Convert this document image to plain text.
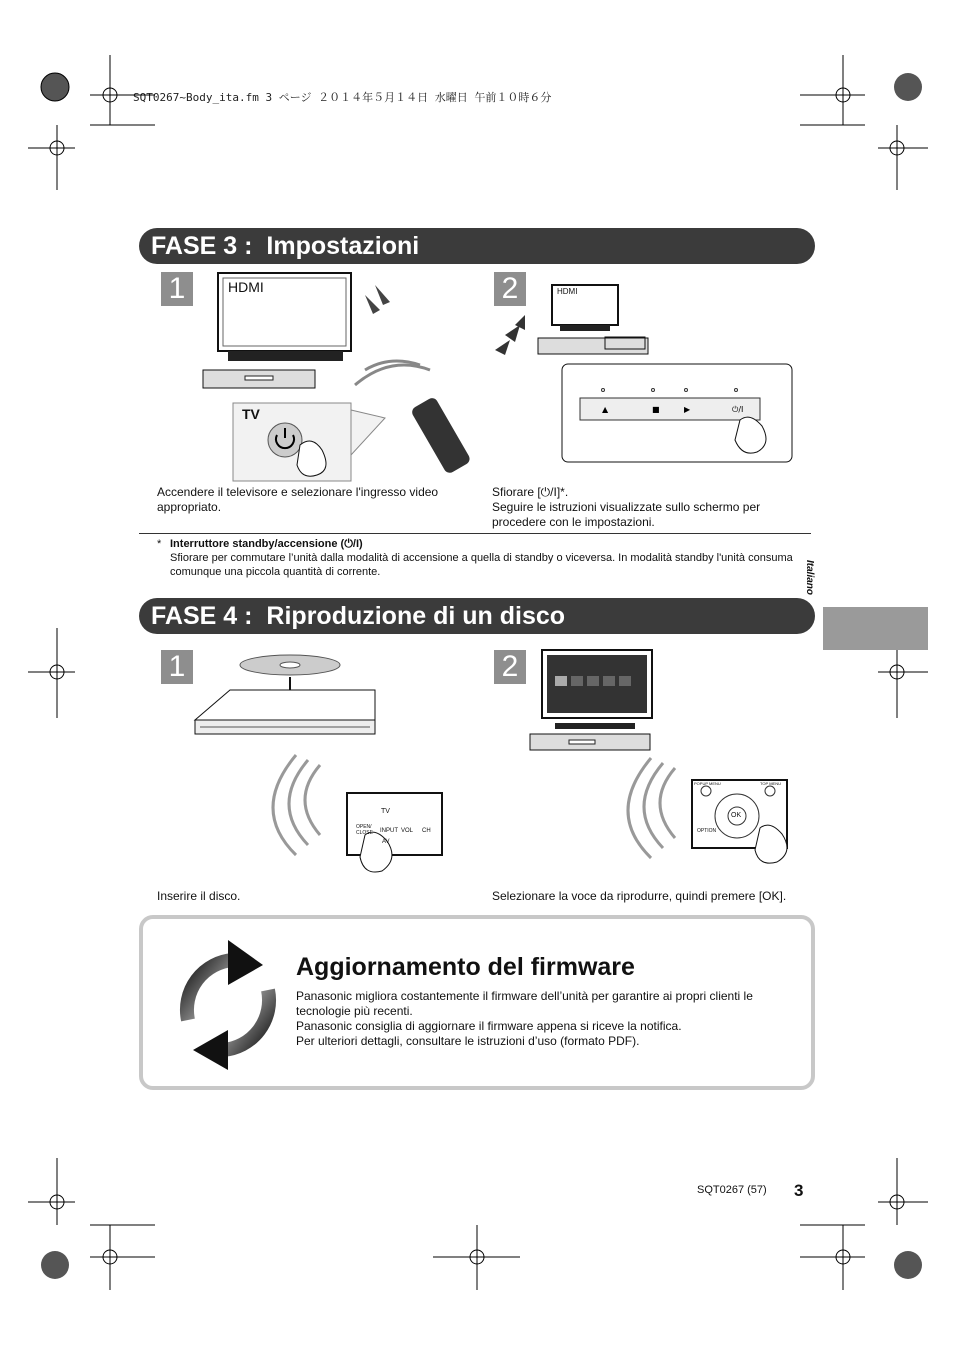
SQT0267~Body_ita.fm 3 ページ ２０１４年５月１４日 水曜日 午前１０時６分
FASE 3 : Impostazioni
1
TV
HDMI
Accendere il televisore e selezionare l'ingresso video appropriato.
2
▲	■	▶	⏻/I
HDMI
Sfiorare [⏻/I]*.
Seguire le istruzioni visualizzate sullo schermo per procedere con le impostazioni.
* Interruttore standby/accensione (⏻/I)
Sfiorare per commutare l’unità dalla modalità di accensione a quella di standby o viceversa. In modalità standby l'unità consuma comunque una piccola quantità di corrente.	Italiano
FASE 4 : Riproduzione di un disco
1
TV
INPUT
AV
VOL CH
OPEN/ CLOSE
Inserire il disco.
2
OK
OPTION
POPUP MENU	TOP MENU
Selezionare la voce da riprodurre, quindi premere [OK].
Aggiornamento del firmware
Panasonic migliora costantemente il firmware dell’unità per garantire ai propri clienti le tecnologie più recenti.
Panasonic consiglia di aggiornare il firmware appena si riceve la notifica.
Per ulteriori dettagli, consultare le istruzioni d’uso (formato PDF).
SQT0267 (57) 3
